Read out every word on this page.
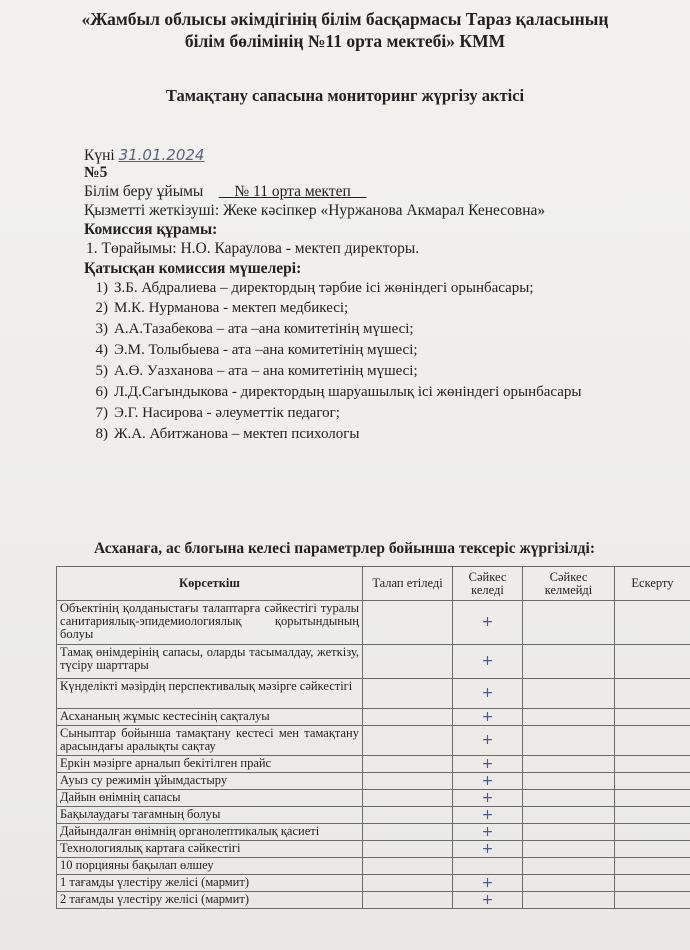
«Жамбыл облысы әкімдігінің білім басқармасы Тараз қаласының
білім бөлімінің №11 орта мектебі» КММ
Тамақтану сапасына мониторинг жүргізу актісі
Күні 31.01.2024
№5
Білім беру ұйымы __№ 11 орта мектеп__
Қызметті жеткізуші: Жеке кәсіпкер «Нуржанова Акмарал Кенесовна»
Комиссия құрамы:
1. Төрайымы: Н.О. Караулова - мектеп директоры.
Қатысқан комиссия мүшелері:
1) З.Б. Абдралиева – директордың тәрбие ісі жөніндегі орынбасары;
2) М.К. Нурманова - мектеп медбикесі;
3) А.А.Тазабекова – ата –ана комитетінің мүшесі;
4) Э.М. Толыбыева - ата –ана комитетінің мүшесі;
5) А.Ө. Уазханова – ата – ана комитетінің мүшесі;
6) Л.Д.Сагындыкова - директордың шаруашылық ісі жөніндегі орынбасары
7) Э.Г. Насирова - әлеуметтік педагог;
8) Ж.А. Абитжанова – мектеп психологы
Асханаға, ас блогына келесі параметрлер бойынша тексеріс жүргізілді:
Көрсеткіш	Талап етіледі	Сәйкес келеді	Сәйкес келмейді	Ескерту
Объектінің қолданыстағы талаптарға сәйкестігі туралы санитариялық-эпидемиологиялық қорытындының болуы		+		
Тамақ өнімдерінің сапасы, оларды тасымалдау, жеткізу, түсіру шарттары		+		
Күнделікті мәзірдің перспективалық мәзірге сәйкестігі		+		
Асхананың жұмыс кестесінің сақталуы		+		
Сыныптар бойынша тамақтану кестесі мен тамақтану арасындағы аралықты сақтау		+		
Еркін мәзірге арналып бекітілген прайс		+		
Ауыз су режимін ұйымдастыру		+		
Дайын өнімнің сапасы		+		
Бақылаудағы тағамның болуы		+		
Дайындалған өнімнің органолептикалық қасиеті		+		
Технологиялық картаға сәйкестігі		+		
10 порцияны бақылап өлшеу				
1 тағамды үлестіру желісі (мармит)		+		
2 тағамды үлестіру желісі (мармит)		+		
